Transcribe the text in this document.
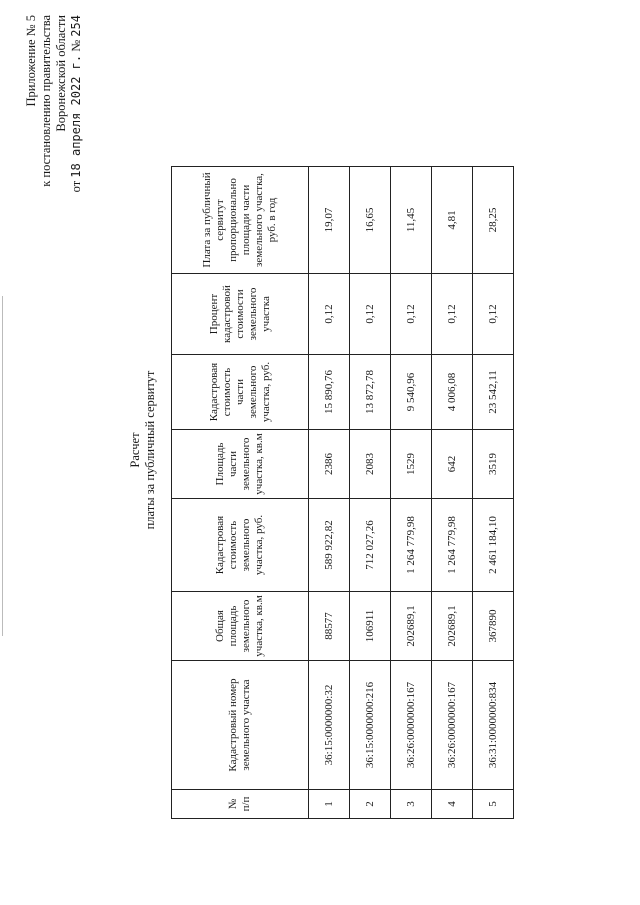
Приложение № 5 к постановлению правительства Воронежской области
от 18 апреля 2022 г. № 254
Расчет платы за публичный сервитут
№ п/п	Кадастровый номер земельного участка	Общая площадь земельного участка, кв.м	Кадастровая стоимость земельного участка, руб.	Площадь части земельного участка, кв.м	Кадастровая стоимость части земельного участка, руб.	Процент кадастровой стоимости земельного участка	Плата за публичный сервитут пропорционально площади части земельного участка, руб. в год
1	36:15:0000000:32	88577	589 922,82	2386	15 890,76	0,12	19,07
2	36:15:0000000:216	106911	712 027,26	2083	13 872,78	0,12	16,65
3	36:26:0000000:167	202689,1	1 264 779,98	1529	9 540,96	0,12	11,45
4	36:26:0000000:167	202689,1	1 264 779,98	642	4 006,08	0,12	4,81
5	36:31:0000000:834	367890	2 461 184,10	3519	23 542,11	0,12	28,25
